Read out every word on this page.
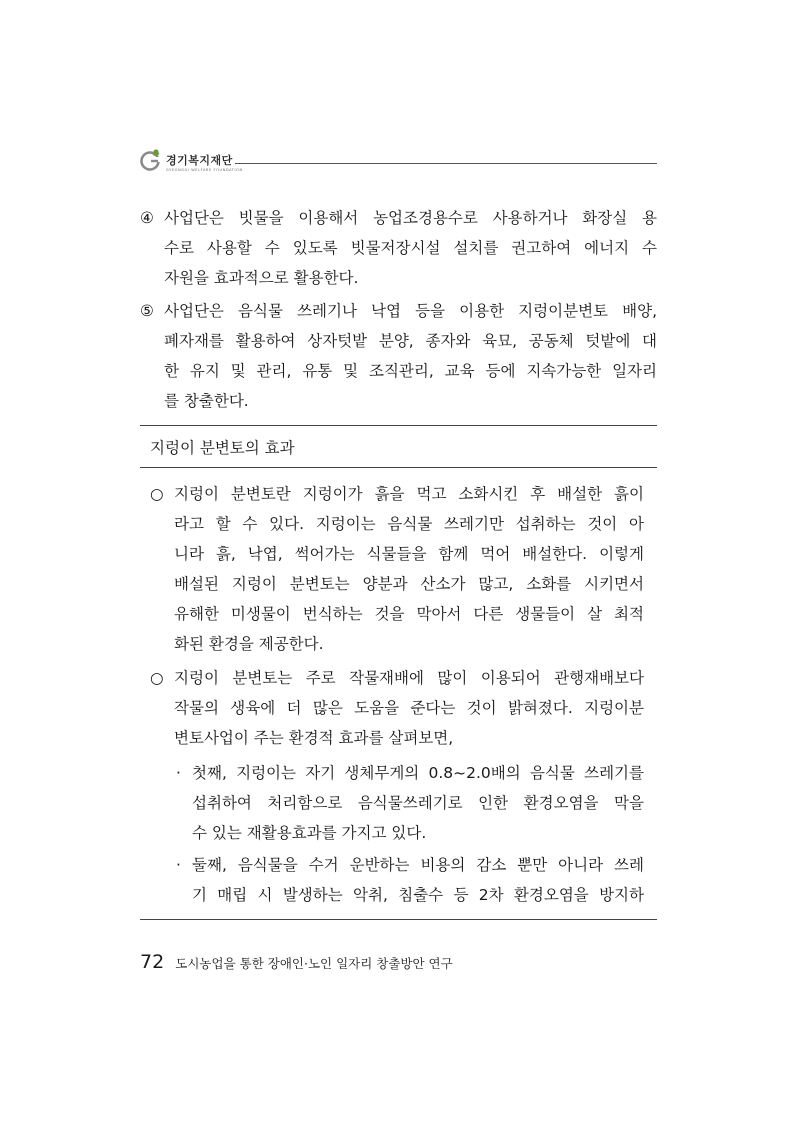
경기복지재단
GYEONGGI WELFARE FOUNDATION
④ 사업단은 빗물을 이용해서 농업조경용수로 사용하거나 화장실 용
수로 사용할 수 있도록 빗물저장시설 설치를 권고하여 에너지 수
자원을 효과적으로 활용한다.
⑤ 사업단은 음식물 쓰레기나 낙엽 등을 이용한 지렁이분변토 배양,
폐자재를 활용하여 상자텃밭 분양, 종자와 육묘, 공동체 텃밭에 대
한 유지 및 관리, 유통 및 조직관리, 교육 등에 지속가능한 일자리
를 창출한다.
지렁이 분변토의 효과
○ 지렁이 분변토란 지렁이가 흙을 먹고 소화시킨 후 배설한 흙이
라고 할 수 있다. 지렁이는 음식물 쓰레기만 섭취하는 것이 아
니라 흙, 낙엽, 썩어가는 식물들을 함께 먹어 배설한다. 이렇게
배설된 지렁이 분변토는 양분과 산소가 많고, 소화를 시키면서
유해한 미생물이 번식하는 것을 막아서 다른 생물들이 살 최적
화된 환경을 제공한다.
○ 지렁이 분변토는 주로 작물재배에 많이 이용되어 관행재배보다
작물의 생육에 더 많은 도움을 준다는 것이 밝혀졌다. 지렁이분
변토사업이 주는 환경적 효과를 살펴보면,
· 첫째, 지렁이는 자기 생체무게의 0.8~2.0배의 음식물 쓰레기를
섭취하여 처리함으로 음식물쓰레기로 인한 환경오염을 막을
수 있는 재활용효과를 가지고 있다.
· 둘째, 음식물을 수거 운반하는 비용의 감소 뿐만 아니라 쓰레
기 매립 시 발생하는 악취, 침출수 등 2차 환경오염을 방지하
72 도시농업을 통한 장애인·노인 일자리 창출방안 연구
